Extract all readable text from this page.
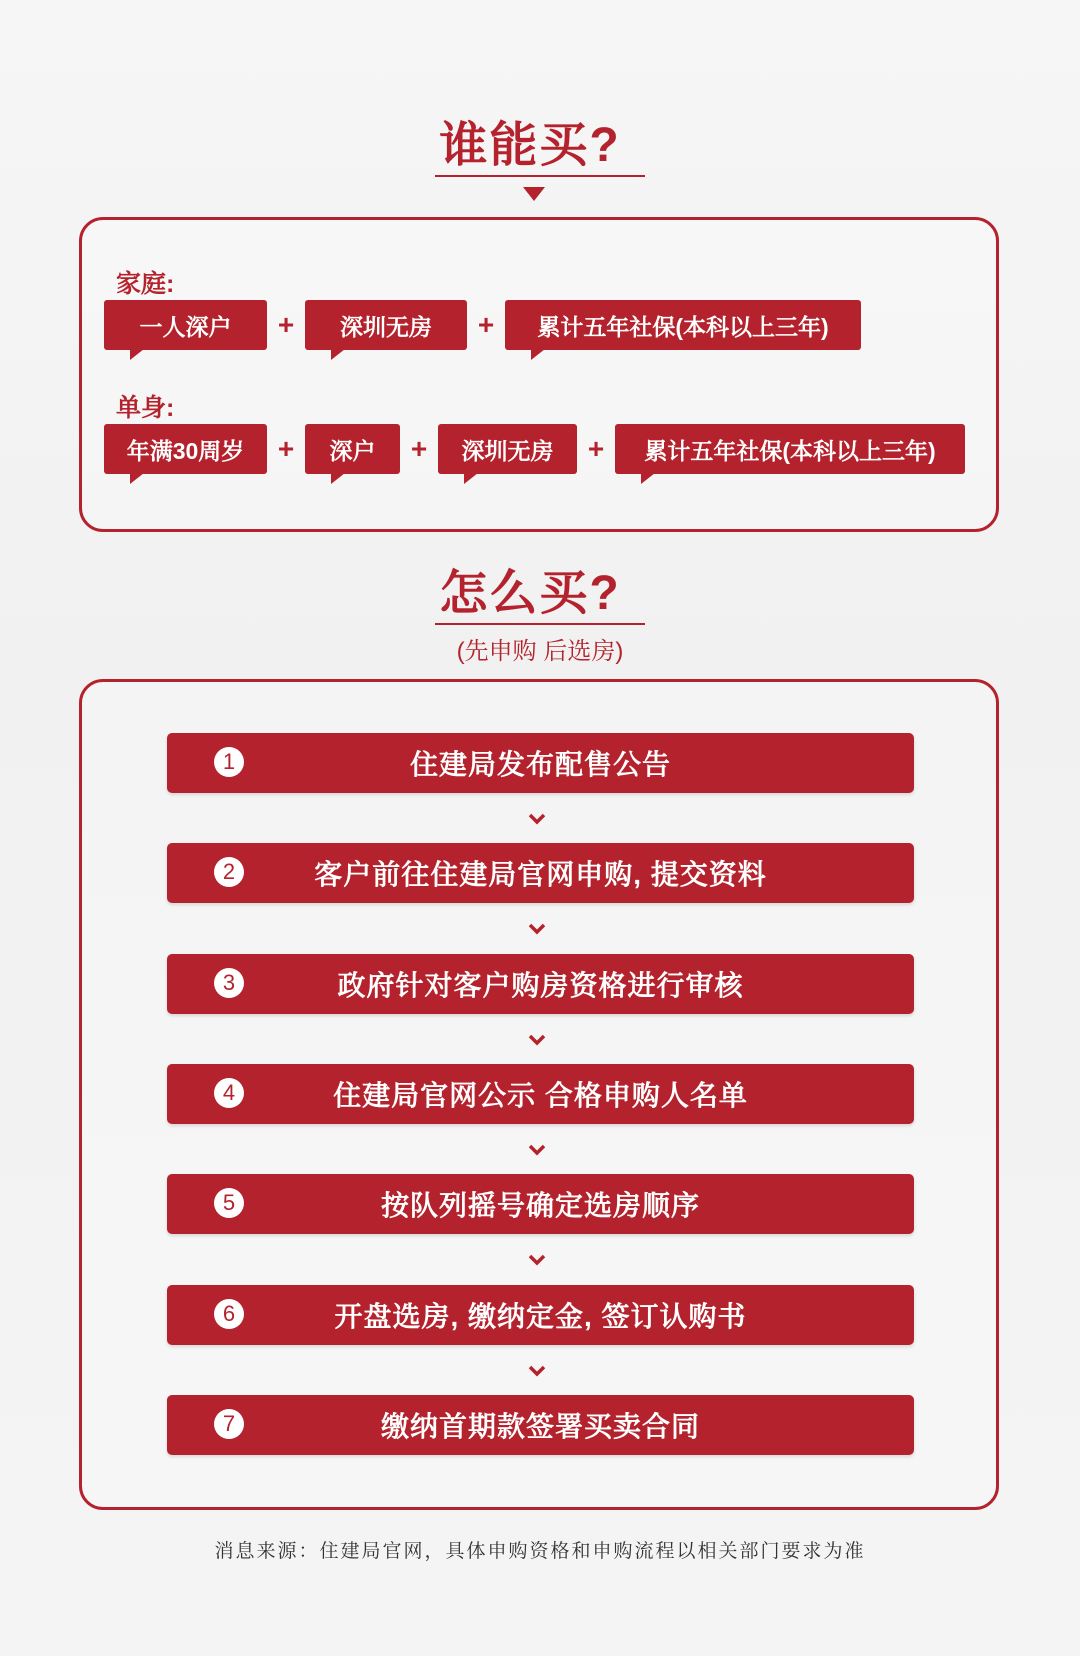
谁能买?
家庭:
一人深户	+	深圳无房	+	累计五年社保(本科以上三年)
单身:
年满30周岁	+	深户	+	深圳无房	+	累计五年社保(本科以上三年)
怎么买?
(先申购 后选房)
1	住建局发布配售公告
2	客户前往住建局官网申购, 提交资料
3	政府针对客户购房资格进行审核
4	住建局官网公示 合格申购人名单
5	按队列摇号确定选房顺序
6	开盘选房, 缴纳定金, 签订认购书
7	缴纳首期款签署买卖合同
消息来源：住建局官网，具体申购资格和申购流程以相关部门要求为准
